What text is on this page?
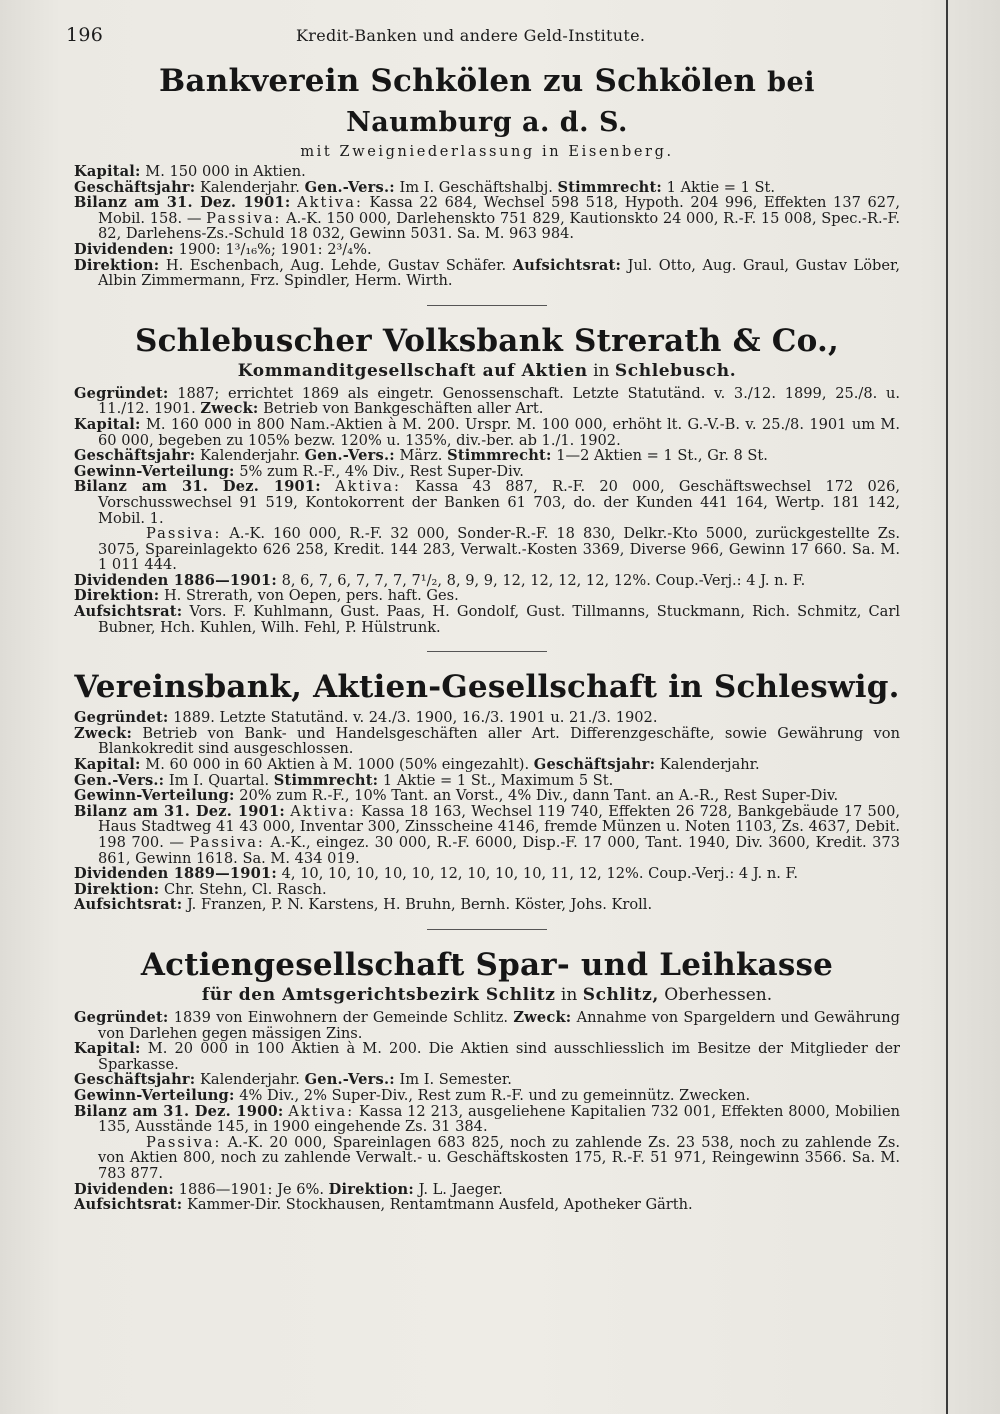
196	Kredit-Banken und andere Geld-Institute.
Bankverein Schkölen zu Schkölen bei Naumburg a. d. S.

mit Zweigniederlassung in Eisenberg.

Kapital: M. 150 000 in Aktien.

Geschäftsjahr: Kalenderjahr. Gen.-Vers.: Im I. Geschäftshalbj. Stimmrecht: 1 Aktie = 1 St.

Bilanz am 31. Dez. 1901: Aktiva: Kassa 22 684, Wechsel 598 518, Hypoth. 204 996, Effekten 137 627, Mobil. 158. — Passiva: A.-K. 150 000, Darlehenskto 751 829, Kautionskto 24 000, R.-F. 15 008, Spec.-R.-F. 82, Darlehens-Zs.-Schuld 18 032, Gewinn 5031. Sa. M. 963 984.

Dividenden: 1900: 1³/₁₆%; 1901: 2³/₄%.

Direktion: H. Eschenbach, Aug. Lehde, Gustav Schäfer. Aufsichtsrat: Jul. Otto, Aug. Graul, Gustav Löber, Albin Zimmermann, Frz. Spindler, Herm. Wirth.

Schlebuscher Volksbank Strerath & Co.,

Kommanditgesellschaft auf Aktien in Schlebusch.

Gegründet: 1887; errichtet 1869 als eingetr. Genossenschaft. Letzte Statutänd. v. 3./12. 1899, 25./8. u. 11./12. 1901. Zweck: Betrieb von Bankgeschäften aller Art.

Kapital: M. 160 000 in 800 Nam.-Aktien à M. 200. Urspr. M. 100 000, erhöht lt. G.-V.-B. v. 25./8. 1901 um M. 60 000, begeben zu 105% bezw. 120% u. 135%, div.-ber. ab 1./1. 1902.

Geschäftsjahr: Kalenderjahr. Gen.-Vers.: März. Stimmrecht: 1—2 Aktien = 1 St., Gr. 8 St.

Gewinn-Verteilung: 5% zum R.-F., 4% Div., Rest Super-Div.

Bilanz am 31. Dez. 1901: Aktiva: Kassa 43 887, R.-F. 20 000, Geschäftswechsel 172 026, Vorschusswechsel 91 519, Kontokorrent der Banken 61 703, do. der Kunden 441 164, Wertp. 181 142, Mobil. 1.

Passiva: A.-K. 160 000, R.-F. 32 000, Sonder-R.-F. 18 830, Delkr.-Kto 5000, zurückgestellte Zs. 3075, Spareinlagekto 626 258, Kredit. 144 283, Verwalt.-Kosten 3369, Diverse 966, Gewinn 17 660. Sa. M. 1 011 444.

Dividenden 1886—1901: 8, 6, 7, 6, 7, 7, 7, 7¹/₂, 8, 9, 9, 12, 12, 12, 12, 12%. Coup.-Verj.: 4 J. n. F.

Direktion: H. Strerath, von Oepen, pers. haft. Ges.

Aufsichtsrat: Vors. F. Kuhlmann, Gust. Paas, H. Gondolf, Gust. Tillmanns, Stuckmann, Rich. Schmitz, Carl Bubner, Hch. Kuhlen, Wilh. Fehl, P. Hülstrunk.

Vereinsbank, Aktien-Gesellschaft in Schleswig.

Gegründet: 1889. Letzte Statutänd. v. 24./3. 1900, 16./3. 1901 u. 21./3. 1902.

Zweck: Betrieb von Bank- und Handelsgeschäften aller Art. Differenzgeschäfte, sowie Gewährung von Blankokredit sind ausgeschlossen.

Kapital: M. 60 000 in 60 Aktien à M. 1000 (50% eingezahlt). Geschäftsjahr: Kalenderjahr.

Gen.-Vers.: Im I. Quartal. Stimmrecht: 1 Aktie = 1 St., Maximum 5 St.

Gewinn-Verteilung: 20% zum R.-F., 10% Tant. an Vorst., 4% Div., dann Tant. an A.-R., Rest Super-Div.

Bilanz am 31. Dez. 1901: Aktiva: Kassa 18 163, Wechsel 119 740, Effekten 26 728, Bankgebäude 17 500, Haus Stadtweg 41 43 000, Inventar 300, Zinsscheine 4146, fremde Münzen u. Noten 1103, Zs. 4637, Debit. 198 700. — Passiva: A.-K., eingez. 30 000, R.-F. 6000, Disp.-F. 17 000, Tant. 1940, Div. 3600, Kredit. 373 861, Gewinn 1618. Sa. M. 434 019.

Dividenden 1889—1901: 4, 10, 10, 10, 10, 10, 12, 10, 10, 10, 11, 12, 12%. Coup.-Verj.: 4 J. n. F.

Direktion: Chr. Stehn, Cl. Rasch.

Aufsichtsrat: J. Franzen, P. N. Karstens, H. Bruhn, Bernh. Köster, Johs. Kroll.

Actiengesellschaft Spar- und Leihkasse

für den Amtsgerichtsbezirk Schlitz in Schlitz, Oberhessen.

Gegründet: 1839 von Einwohnern der Gemeinde Schlitz. Zweck: Annahme von Spargeldern und Gewährung von Darlehen gegen mässigen Zins.

Kapital: M. 20 000 in 100 Aktien à M. 200. Die Aktien sind ausschliesslich im Besitze der Mitglieder der Sparkasse.

Geschäftsjahr: Kalenderjahr. Gen.-Vers.: Im I. Semester.

Gewinn-Verteilung: 4% Div., 2% Super-Div., Rest zum R.-F. und zu gemeinnütz. Zwecken.

Bilanz am 31. Dez. 1900: Aktiva: Kassa 12 213, ausgeliehene Kapitalien 732 001, Effekten 8000, Mobilien 135, Ausstände 145, in 1900 eingehende Zs. 31 384.

Passiva: A.-K. 20 000, Spareinlagen 683 825, noch zu zahlende Zs. 23 538, noch zu zahlende Zs. von Aktien 800, noch zu zahlende Verwalt.- u. Geschäftskosten 175, R.-F. 51 971, Reingewinn 3566. Sa. M. 783 877.

Dividenden: 1886—1901: Je 6%. Direktion: J. L. Jaeger.

Aufsichtsrat: Kammer-Dir. Stockhausen, Rentamtmann Ausfeld, Apotheker Gärth.
